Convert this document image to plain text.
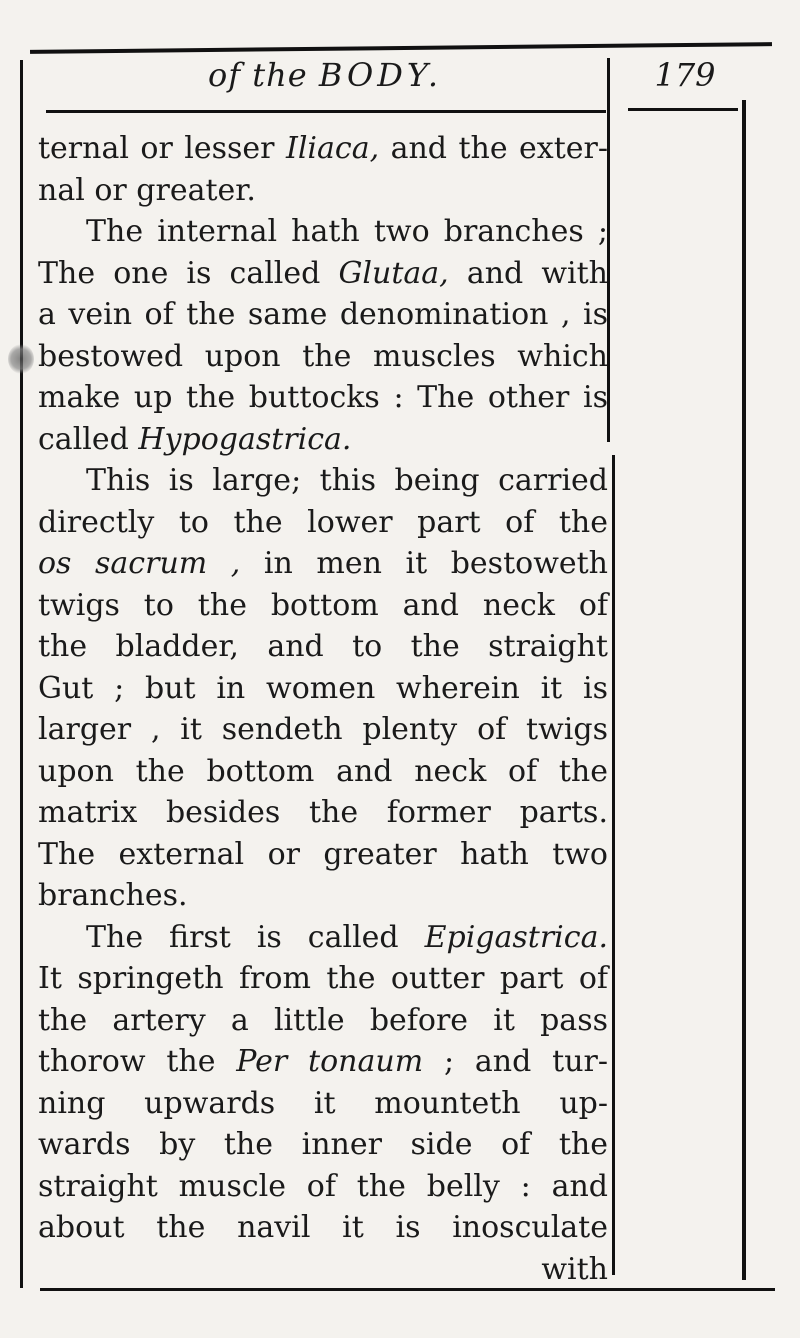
of the BODY.	179
ternal or lesser Iliaca, and the exter-
nal or greater.
The internal hath two branches ;
The one is called Glutaa, and with
a vein of the same denomination , is
bestowed upon the muscles which
make up the buttocks : The other is
called Hypogastrica.
This is large; this being carried
directly to the lower part of the
os sacrum , in men it bestoweth
twigs to the bottom and neck of
the bladder, and to the straight
Gut ; but in women wherein it is
larger , it sendeth plenty of twigs
upon the bottom and neck of the
matrix besides the former parts.
The external or greater hath two
branches.
The first is called Epigastrica.
It springeth from the outter part of
the artery a little before it pass
thorow the Per tonaum ; and tur-
ning upwards it mounteth up-
wards by the inner side of the
straight muscle of the belly : and
about the navil it is inosculate
with
